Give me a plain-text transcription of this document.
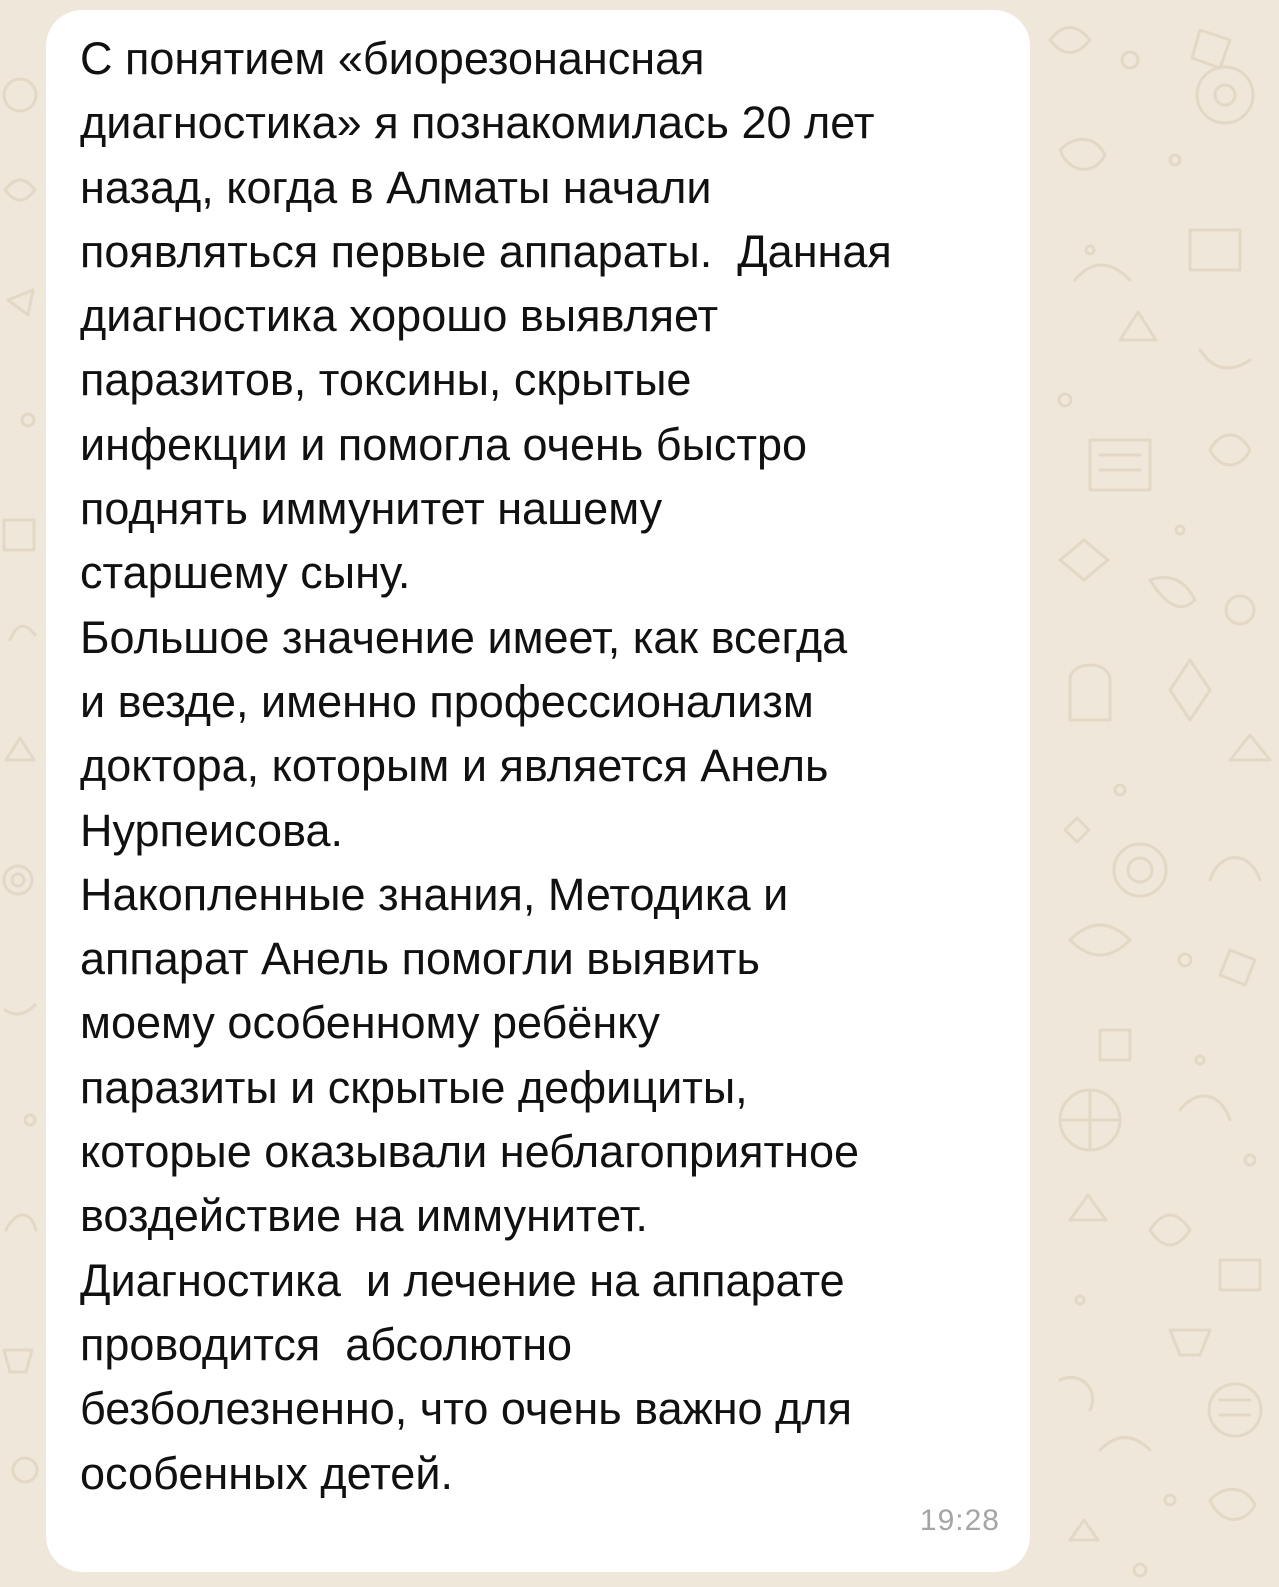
С понятием «биорезонансная
диагностика» я познакомилась 20 лет
назад, когда в Алматы начали
появляться первые аппараты.  Данная
диагностика хорошо выявляет
паразитов, токсины, скрытые
инфекции и помогла очень быстро
поднять иммунитет нашему
старшему сыну.
Большое значение имеет, как всегда
и везде, именно профессионализм
доктора, которым и является Анель
Нурпеисова.
Накопленные знания, Методика и
аппарат Анель помогли выявить
моему особенному ребёнку
паразиты и скрытые дефициты,
которые оказывали неблагоприятное
воздействие на иммунитет.
Диагностика  и лечение на аппарате
проводится  абсолютно
безболезненно, что очень важно для
особенных детей.

19:28
